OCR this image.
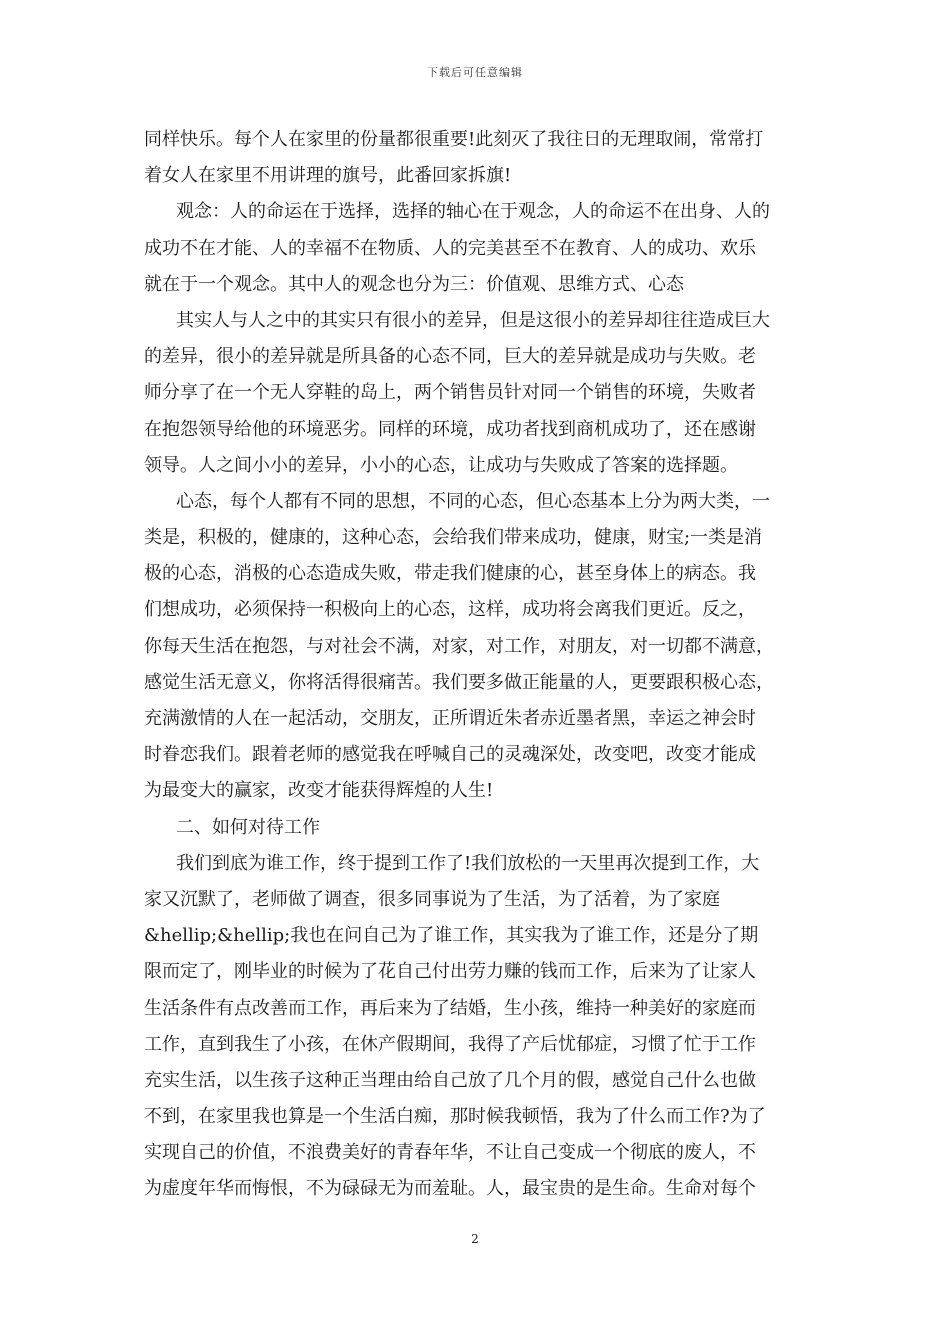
下载后可任意编辑
同样快乐。每个人在家里的份量都很重要!此刻灭了我往日的无理取闹，常常打
着女人在家里不用讲理的旗号，此番回家拆旗!
观念：人的命运在于选择，选择的轴心在于观念，人的命运不在出身、人的
成功不在才能、人的幸福不在物质、人的完美甚至不在教育、人的成功、欢乐
就在于一个观念。其中人的观念也分为三：价值观、思维方式、心态
其实人与人之中的其实只有很小的差异，但是这很小的差异却往往造成巨大
的差异，很小的差异就是所具备的心态不同，巨大的差异就是成功与失败。老
师分享了在一个无人穿鞋的岛上，两个销售员针对同一个销售的环境，失败者
在抱怨领导给他的环境恶劣。同样的环境，成功者找到商机成功了，还在感谢
领导。人之间小小的差异，小小的心态，让成功与失败成了答案的选择题。
心态，每个人都有不同的思想，不同的心态，但心态基本上分为两大类，一
类是，积极的，健康的，这种心态，会给我们带来成功，健康，财宝;一类是消
极的心态，消极的心态造成失败，带走我们健康的心，甚至身体上的病态。我
们想成功，必须保持一积极向上的心态，这样，成功将会离我们更近。反之，
你每天生活在抱怨，与对社会不满，对家，对工作，对朋友，对一切都不满意，
感觉生活无意义，你将活得很痛苦。我们要多做正能量的人，更要跟积极心态，
充满激情的人在一起活动，交朋友，正所谓近朱者赤近墨者黑，幸运之神会时
时眷恋我们。跟着老师的感觉我在呼喊自己的灵魂深处，改变吧，改变才能成
为最变大的赢家，改变才能获得辉煌的人生!
二、如何对待工作
我们到底为谁工作，终于提到工作了!我们放松的一天里再次提到工作，大
家又沉默了，老师做了调查，很多同事说为了生活，为了活着，为了家庭
&hellip;&hellip;我也在问自己为了谁工作，其实我为了谁工作，还是分了期
限而定了，刚毕业的时候为了花自己付出劳力赚的钱而工作，后来为了让家人
生活条件有点改善而工作，再后来为了结婚，生小孩，维持一种美好的家庭而
工作，直到我生了小孩，在休产假期间，我得了产后忧郁症，习惯了忙于工作
充实生活，以生孩子这种正当理由给自己放了几个月的假，感觉自己什么也做
不到，在家里我也算是一个生活白痴，那时候我顿悟，我为了什么而工作?为了
实现自己的价值，不浪费美好的青春年华，不让自己变成一个彻底的废人，不
为虚度年华而悔恨，不为碌碌无为而羞耻。人，最宝贵的是生命。生命对每个
2
